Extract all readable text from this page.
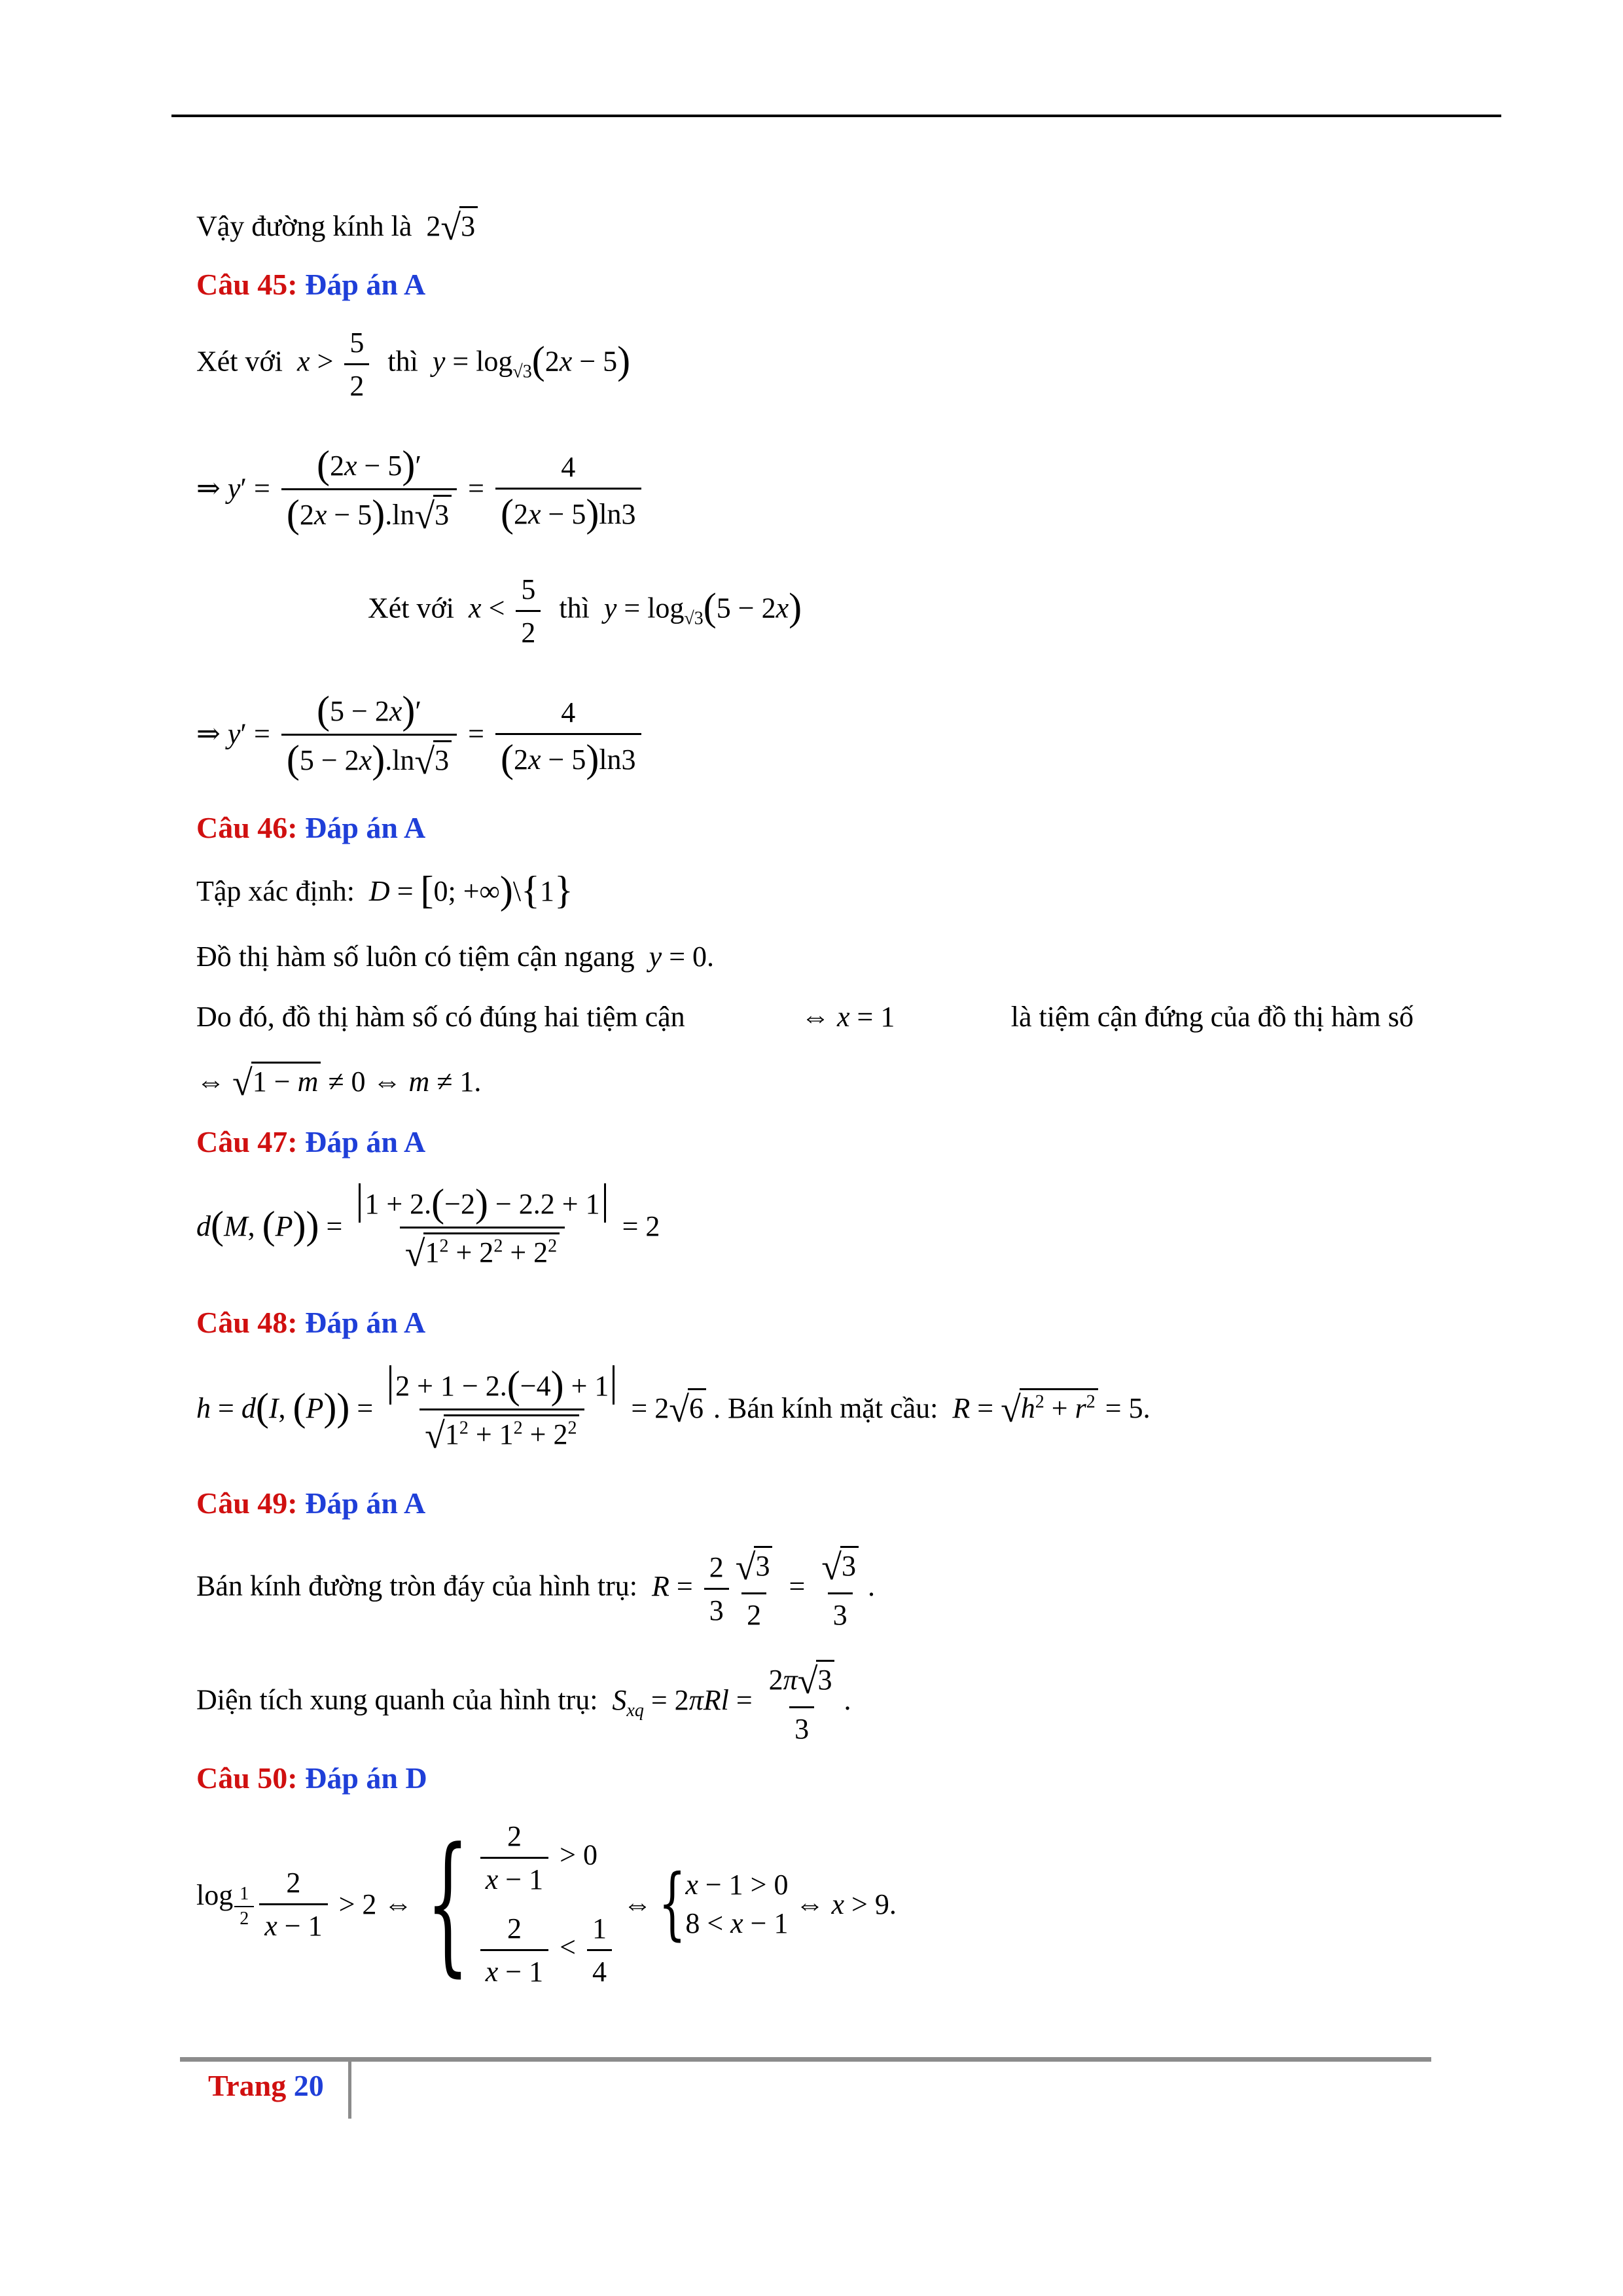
Vậy đường kính là  2√3
Câu 45: Đáp án A
Xét với  $x > \frac{5}{2}$ thì  $y = \log_{√3}(2x - 5)$
⇒ $y' = \frac{(2x - 5)'}{(2x - 5).\ln√3} = \frac{4}{(2x - 5)\ln 3}$
Xét với  $x < \frac{5}{2}$ thì  $y = \log_{√3}(5 - 2x)$
⇒ $y' = \frac{(5 - 2x)'}{(5 - 2x).\ln√3} = \frac{4}{(2x - 5)\ln 3}$
Câu 46: Đáp án A
Tập xác định: D = [0; +∞)\{1}
Đồ thị hàm số luôn có tiệm cận ngang y = 0.
Do đó, đồ thị hàm số có đúng hai tiệm cận	⇔ x = 1	là tiệm cận đứng của đồ thị hàm số
⇔ √1 − m ≠ 0 ⇔ m ≠ 1.
Câu 47: Đáp án A
d(M, $(P)) = \frac{1 + 2.(-2) - 2.2 + 1}{√1^2 + 2^2 + 2^2} = 2$
Câu 48: Đáp án A
h = d(I, $(P)) = \frac{2 + 1 - 2.(-4) + 1}{√1^2 + 1^2 + 2^2} = 2√6$ . Bán kính mặt cầu: $R = √h^2 + r^2 = 5$.
Câu 49: Đáp án A
Bán kính đường tròn đáy của hình trụ: $R = \frac{2}{3} \frac{√3}{2} = \frac{√3}{3}$ .
Diện tích xung quanh của hình trụ: $S_{xq} = 2\pi Rl = \frac{2\pi√3}{3}$ .
Câu 50: Đáp án D
$\log _{\frac{1}{2}} \frac{2}{x - 1} > 2$ ⇔ { $\frac{2}{x - 1} > 0$
$\frac{2}{x - 1} < \frac{1}{4}$
⇔ { x − 1 > 0
8 < x − 1
⇔ x > 9.
Trang 20
